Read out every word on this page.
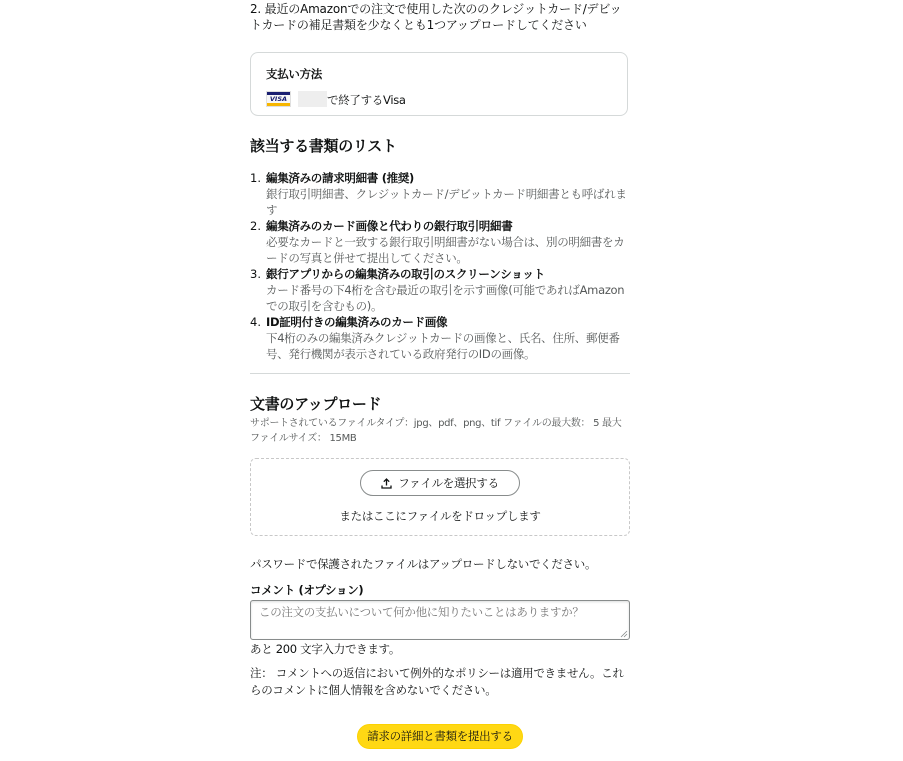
2. 最近のAmazonでの注文で使用した次ののクレジットカード/デビットカードの補足書類を少なくとも1つアップロードしてください
支払い方法
VISA	で終了するVisa
該当する書類のリスト
1. 編集済みの請求明細書 (推奨)
銀行取引明細書、クレジットカード/デビットカード明細書とも呼ばれます
2. 編集済みのカード画像と代わりの銀行取引明細書
必要なカードと一致する銀行取引明細書がない場合は、別の明細書をカードの写真と併せて提出してください。
3. 銀行アプリからの編集済みの取引のスクリーンショット
カード番号の下4桁を含む最近の取引を示す画像(可能であればAmazonでの取引を含むもの)。
4. ID証明付きの編集済みのカード画像
下4桁のみの編集済みクレジットカードの画像と、氏名、住所、郵便番号、発行機関が表示されている政府発行のIDの画像。
文書のアップロード
サポートされているファイルタイプ：jpg、pdf、png、tif ファイルの最大数： 5 最大ファイルサイズ： 15MB
ファイルを選択する
またはここにファイルをドロップします
パスワードで保護されたファイルはアップロードしないでください。
コメント (オプション)
この注文の支払いについて何か他に知りたいことはありますか？
あと 200 文字入力できます。
注： コメントへの返信において例外的なポリシーは適用できません。これらのコメントに個人情報を含めないでください。
請求の詳細と書類を提出する
